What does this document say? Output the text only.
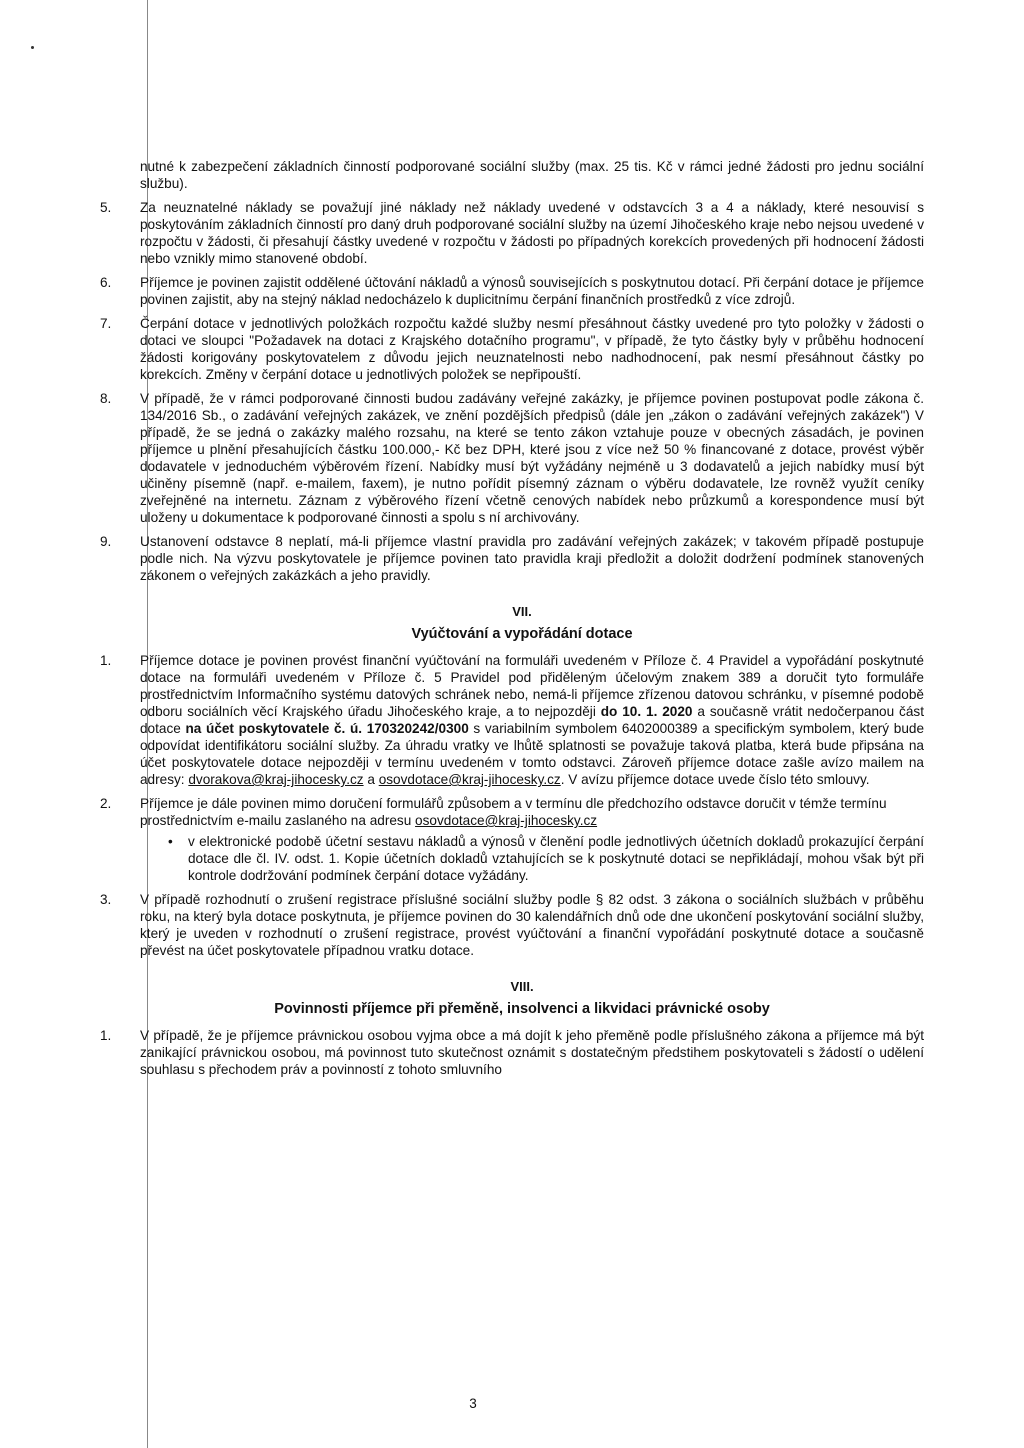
nutné k zabezpečení základních činností podporované sociální služby (max. 25 tis. Kč v rámci jedné žádosti pro jednu sociální službu).

5.	Za neuznatelné náklady se považují jiné náklady než náklady uvedené v odstavcích 3 a 4 a náklady, které nesouvisí s poskytováním základních činností pro daný druh podporované sociální služby na území Jihočeského kraje nebo nejsou uvedené v rozpočtu v žádosti, či přesahují částky uvedené v rozpočtu v žádosti po případných korekcích provedených při hodnocení žádosti nebo vznikly mimo stanovené období.

6.	Příjemce je povinen zajistit oddělené účtování nákladů a výnosů souvisejících s poskytnutou dotací. Při čerpání dotace je příjemce povinen zajistit, aby na stejný náklad nedocházelo k duplicitnímu čerpání finančních prostředků z více zdrojů.

7.	Čerpání dotace v jednotlivých položkách rozpočtu každé služby nesmí přesáhnout částky uvedené pro tyto položky v žádosti o dotaci ve sloupci "Požadavek na dotaci z Krajského dotačního programu", v případě, že tyto částky byly v průběhu hodnocení žádosti korigovány poskytovatelem z důvodu jejich neuznatelnosti nebo nadhodnocení, pak nesmí přesáhnout částky po korekcích. Změny v čerpání dotace u jednotlivých položek se nepřipouští.

8.	V případě, že v rámci podporované činnosti budou zadávány veřejné zakázky, je příjemce povinen postupovat podle zákona č. 134/2016 Sb., o zadávání veřejných zakázek, ve znění pozdějších předpisů (dále jen „zákon o zadávání veřejných zakázek") V případě, že se jedná o zakázky malého rozsahu, na které se tento zákon vztahuje pouze v obecných zásadách, je povinen příjemce u plnění přesahujících částku 100.000,- Kč bez DPH, které jsou z více než 50 % financované z dotace, provést výběr dodavatele v jednoduchém výběrovém řízení. Nabídky musí být vyžádány nejméně u 3 dodavatelů a jejich nabídky musí být učiněny písemně (např. e-mailem, faxem), je nutno pořídit písemný záznam o výběru dodavatele, lze rovněž využít ceníky zveřejněné na internetu. Záznam z výběrového řízení včetně cenových nabídek nebo průzkumů a korespondence musí být uloženy u dokumentace k podporované činnosti a spolu s ní archivovány.

9.	Ustanovení odstavce 8 neplatí, má-li příjemce vlastní pravidla pro zadávání veřejných zakázek; v takovém případě postupuje podle nich. Na výzvu poskytovatele je příjemce povinen tato pravidla kraji předložit a doložit dodržení podmínek stanovených zákonem o veřejných zakázkách a jeho pravidly.

VII.
Vyúčtování a vypořádání dotace

1.	Příjemce dotace je povinen provést finanční vyúčtování na formuláři uvedeném v Příloze č. 4 Pravidel a vypořádání poskytnuté dotace na formuláři uvedeném v Příloze č. 5 Pravidel pod přiděleným účelovým znakem 389 a doručit tyto formuláře prostřednictvím Informačního systému datových schránek nebo, nemá-li příjemce zřízenou datovou schránku, v písemné podobě odboru sociálních věcí Krajského úřadu Jihočeského kraje, a to nejpozději do 10. 1. 2020 a současně vrátit nedočerpanou část dotace na účet poskytovatele č. ú. 170320242/0300 s variabilním symbolem 6402000389 a specifickým symbolem, který bude odpovídat identifikátoru sociální služby. Za úhradu vratky ve lhůtě splatnosti se považuje taková platba, která bude připsána na účet poskytovatele dotace nejpozději v termínu uvedeném v tomto odstavci. Zároveň příjemce dotace zašle avízo mailem na adresy: dvorakova@kraj-jihocesky.cz a osovdotace@kraj-jihocesky.cz. V avízu příjemce dotace uvede číslo této smlouvy.

2.	Příjemce je dále povinen mimo doručení formulářů způsobem a v termínu dle předchozího odstavce doručit v témže termínu prostřednictvím e-mailu zaslaného na adresu osovdotace@kraj-jihocesky.cz
• v elektronické podobě účetní sestavu nákladů a výnosů v členění podle jednotlivých účetních dokladů prokazující čerpání dotace dle čl. IV. odst. 1. Kopie účetních dokladů vztahujících se k poskytnuté dotaci se nepřikládají, mohou však být při kontrole dodržování podmínek čerpání dotace vyžádány.

3.	V případě rozhodnutí o zrušení registrace příslušné sociální služby podle § 82 odst. 3 zákona o sociálních službách v průběhu roku, na který byla dotace poskytnuta, je příjemce povinen do 30 kalendářních dnů ode dne ukončení poskytování sociální služby, který je uveden v rozhodnutí o zrušení registrace, provést vyúčtování a finanční vypořádání poskytnuté dotace a současně převést na účet poskytovatele případnou vratku dotace.

VIII.
Povinnosti příjemce při přeměně, insolvenci a likvidaci právnické osoby

1.	V případě, že je příjemce právnickou osobou vyjma obce a má dojít k jeho přeměně podle příslušného zákona a příjemce má být zanikající právnickou osobou, má povinnost tuto skutečnost oznámit s dostatečným předstihem poskytovateli s žádostí o udělení souhlasu s přechodem práv a povinností z tohoto smluvního

3
